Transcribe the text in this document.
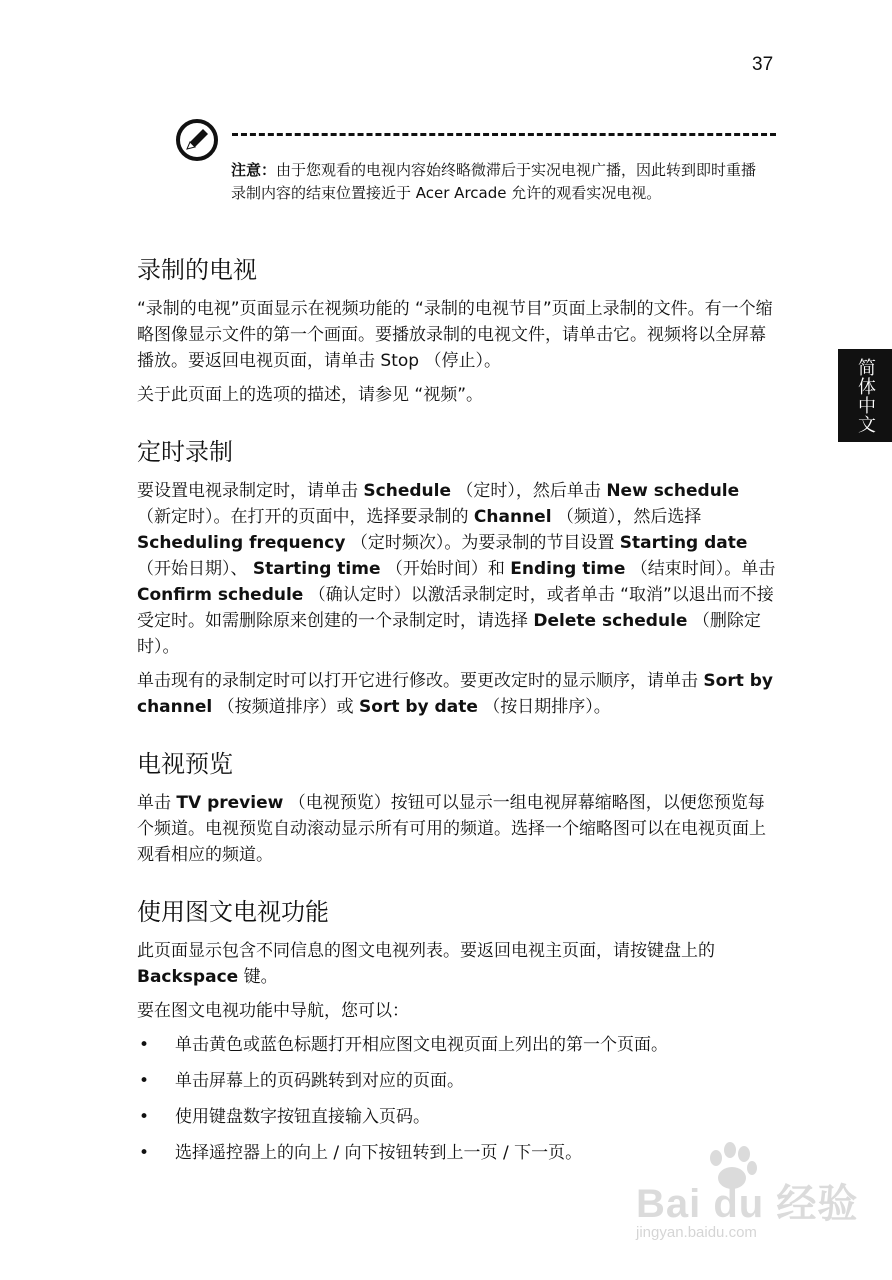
37
注意：由于您观看的电视内容始终略微滞后于实况电视广播，因此转到即时重播录制内容的结束位置接近于 Acer Arcade 允许的观看实况电视。
简体中文
录制的电视

“录制的电视”页面显示在视频功能的 “录制的电视节目”页面上录制的文件。有一个缩略图像显示文件的第一个画面。要播放录制的电视文件，请单击它。视频将以全屏幕播放。要返回电视页面，请单击 Stop （停止）。

关于此页面上的选项的描述，请参见 “视频”。

定时录制

要设置电视录制定时，请单击 Schedule （定时），然后单击 New schedule （新定时）。在打开的页面中，选择要录制的 Channel （频道），然后选择 Scheduling frequency （定时频次）。为要录制的节目设置 Starting date （开始日期）、 Starting time （开始时间）和 Ending time （结束时间）。单击 Confirm schedule （确认定时）以激活录制定时，或者单击 “取消”以退出而不接受定时。如需删除原来创建的一个录制定时，请选择 Delete schedule （删除定时）。

单击现有的录制定时可以打开它进行修改。要更改定时的显示顺序，请单击 Sort by channel （按频道排序）或 Sort by date （按日期排序）。

电视预览

单击 TV preview （电视预览）按钮可以显示一组电视屏幕缩略图，以便您预览每个频道。电视预览自动滚动显示所有可用的频道。选择一个缩略图可以在电视页面上观看相应的频道。

使用图文电视功能

此页面显示包含不同信息的图文电视列表。要返回电视主页面，请按键盘上的 Backspace 键。

要在图文电视功能中导航，您可以：

• 单击黄色或蓝色标题打开相应图文电视页面上列出的第一个页面。
• 单击屏幕上的页码跳转到对应的页面。
• 使用键盘数字按钮直接输入页码。
• 选择遥控器上的向上 / 向下按钮转到上一页 / 下一页。
Bai du 经验
jingyan.baidu.com
